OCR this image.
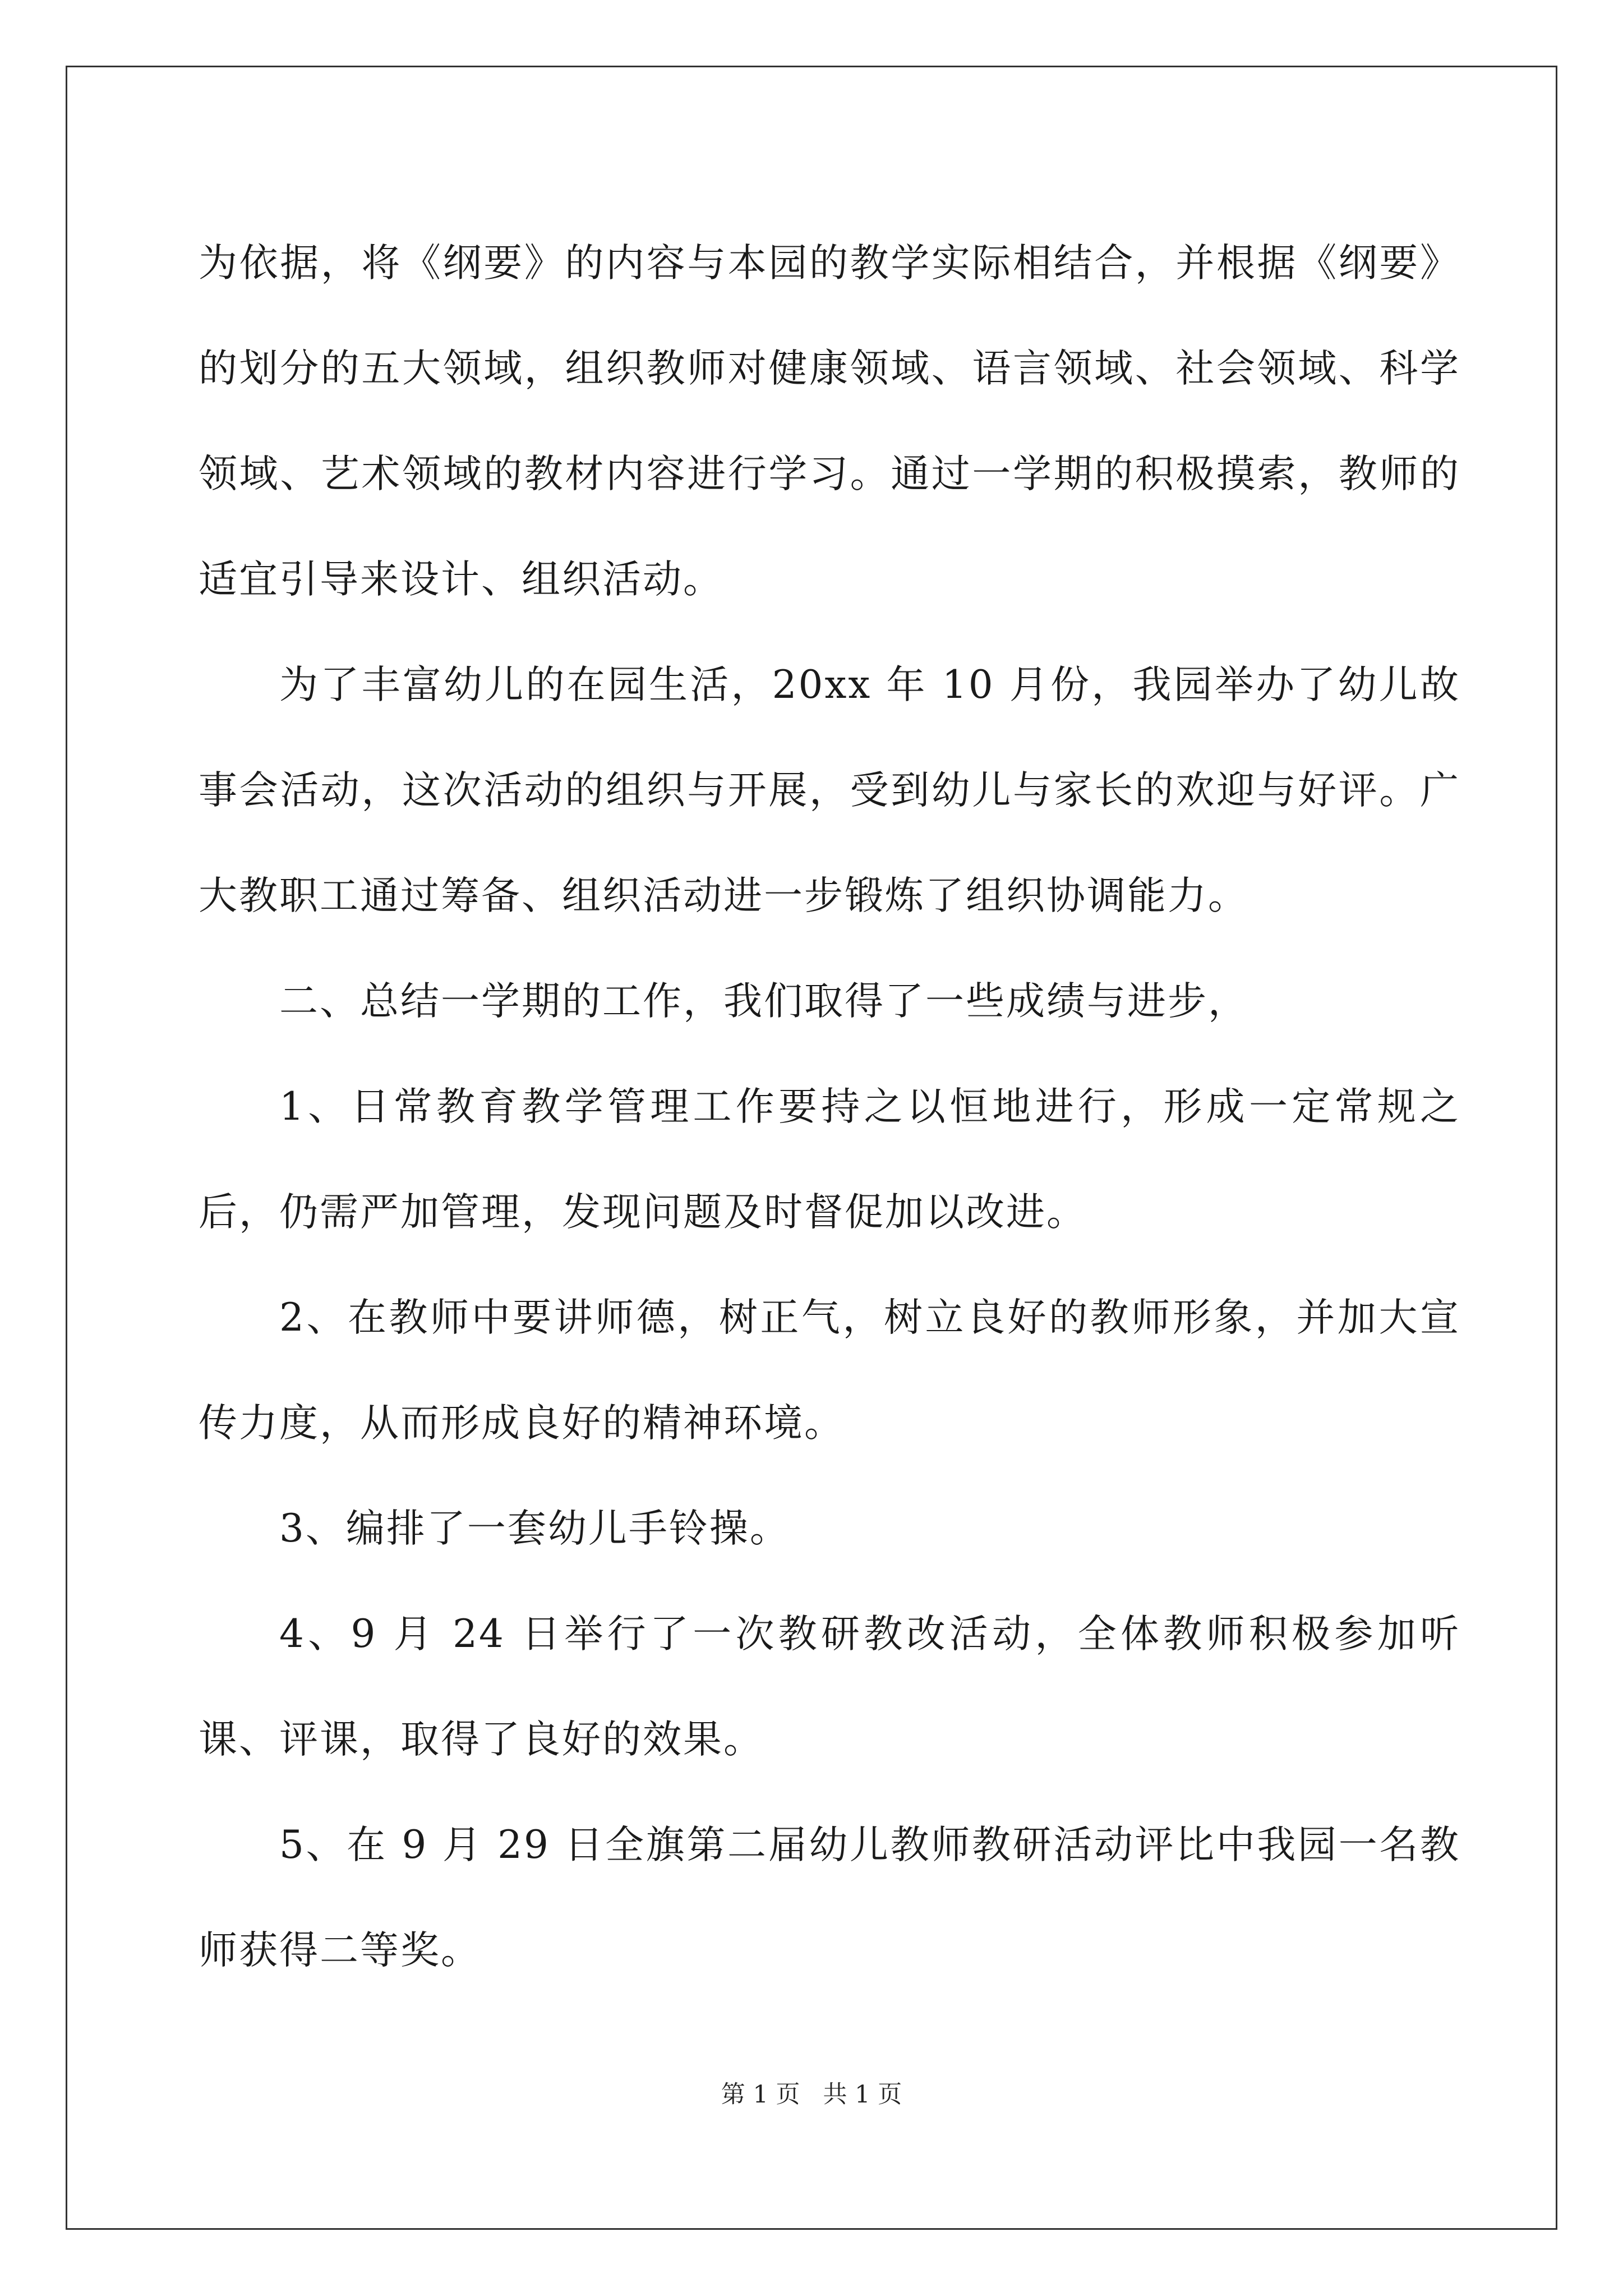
为依据，将《纲要》的内容与本园的教学实际相结合，并根据《纲要》的划分的五大领域，组织教师对健康领域、语言领域、社会领域、科学领域、艺术领域的教材内容进行学习。通过一学期的积极摸索，教师的适宜引导来设计、组织活动。

为了丰富幼儿的在园生活，20xx 年 10 月份，我园举办了幼儿故事会活动，这次活动的组织与开展，受到幼儿与家长的欢迎与好评。广大教职工通过筹备、组织活动进一步锻炼了组织协调能力。

二、总结一学期的工作，我们取得了一些成绩与进步，

1、日常教育教学管理工作要持之以恒地进行，形成一定常规之后，仍需严加管理，发现问题及时督促加以改进。

2、在教师中要讲师德，树正气，树立良好的教师形象，并加大宣传力度，从而形成良好的精神环境。

3、编排了一套幼儿手铃操。

4、9 月 24 日举行了一次教研教改活动，全体教师积极参加听课、评课，取得了良好的效果。

5、在 9 月 29 日全旗第二届幼儿教师教研活动评比中我园一名教师获得二等奖。

第 1 页 共 1 页
